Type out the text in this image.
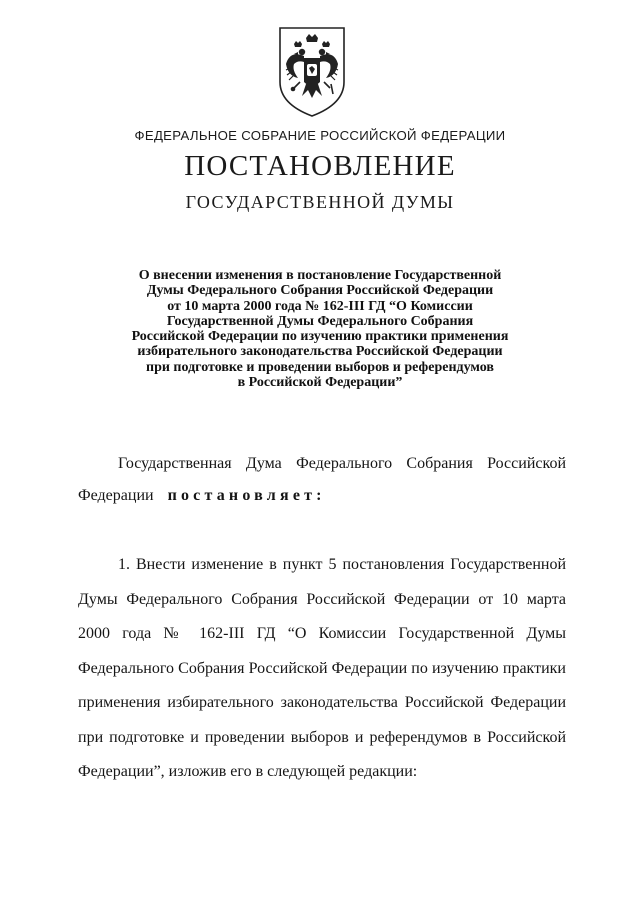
ФЕДЕРАЛЬНОЕ СОБРАНИЕ РОССИЙСКОЙ ФЕДЕРАЦИИ
ПОСТАНОВЛЕНИЕ
ГОСУДАРСТВЕННОЙ ДУМЫ
О внесении изменения в постановление Государственной
Думы Федерального Собрания Российской Федерации
от 10 марта 2000 года № 162-III ГД “О Комиссии
Государственной Думы Федерального Собрания
Российской Федерации по изучению практики применения
избирательного законодательства Российской Федерации
при подготовке и проведении выборов и референдумов
в Российской Федерации”
Государственная Дума Федерального Собрания Российской
Федерации постановляет:
1. Внести изменение в пункт 5 постановления Государственной
Думы Федерального Собрания Российской Федерации от 10 марта
2000 года № 162-III ГД “О Комиссии Государственной Думы
Федерального Собрания Российской Федерации по изучению практики
применения избирательного законодательства Российской Федерации
при подготовке и проведении выборов и референдумов в Российской
Федерации”, изложив его в следующей редакции:
